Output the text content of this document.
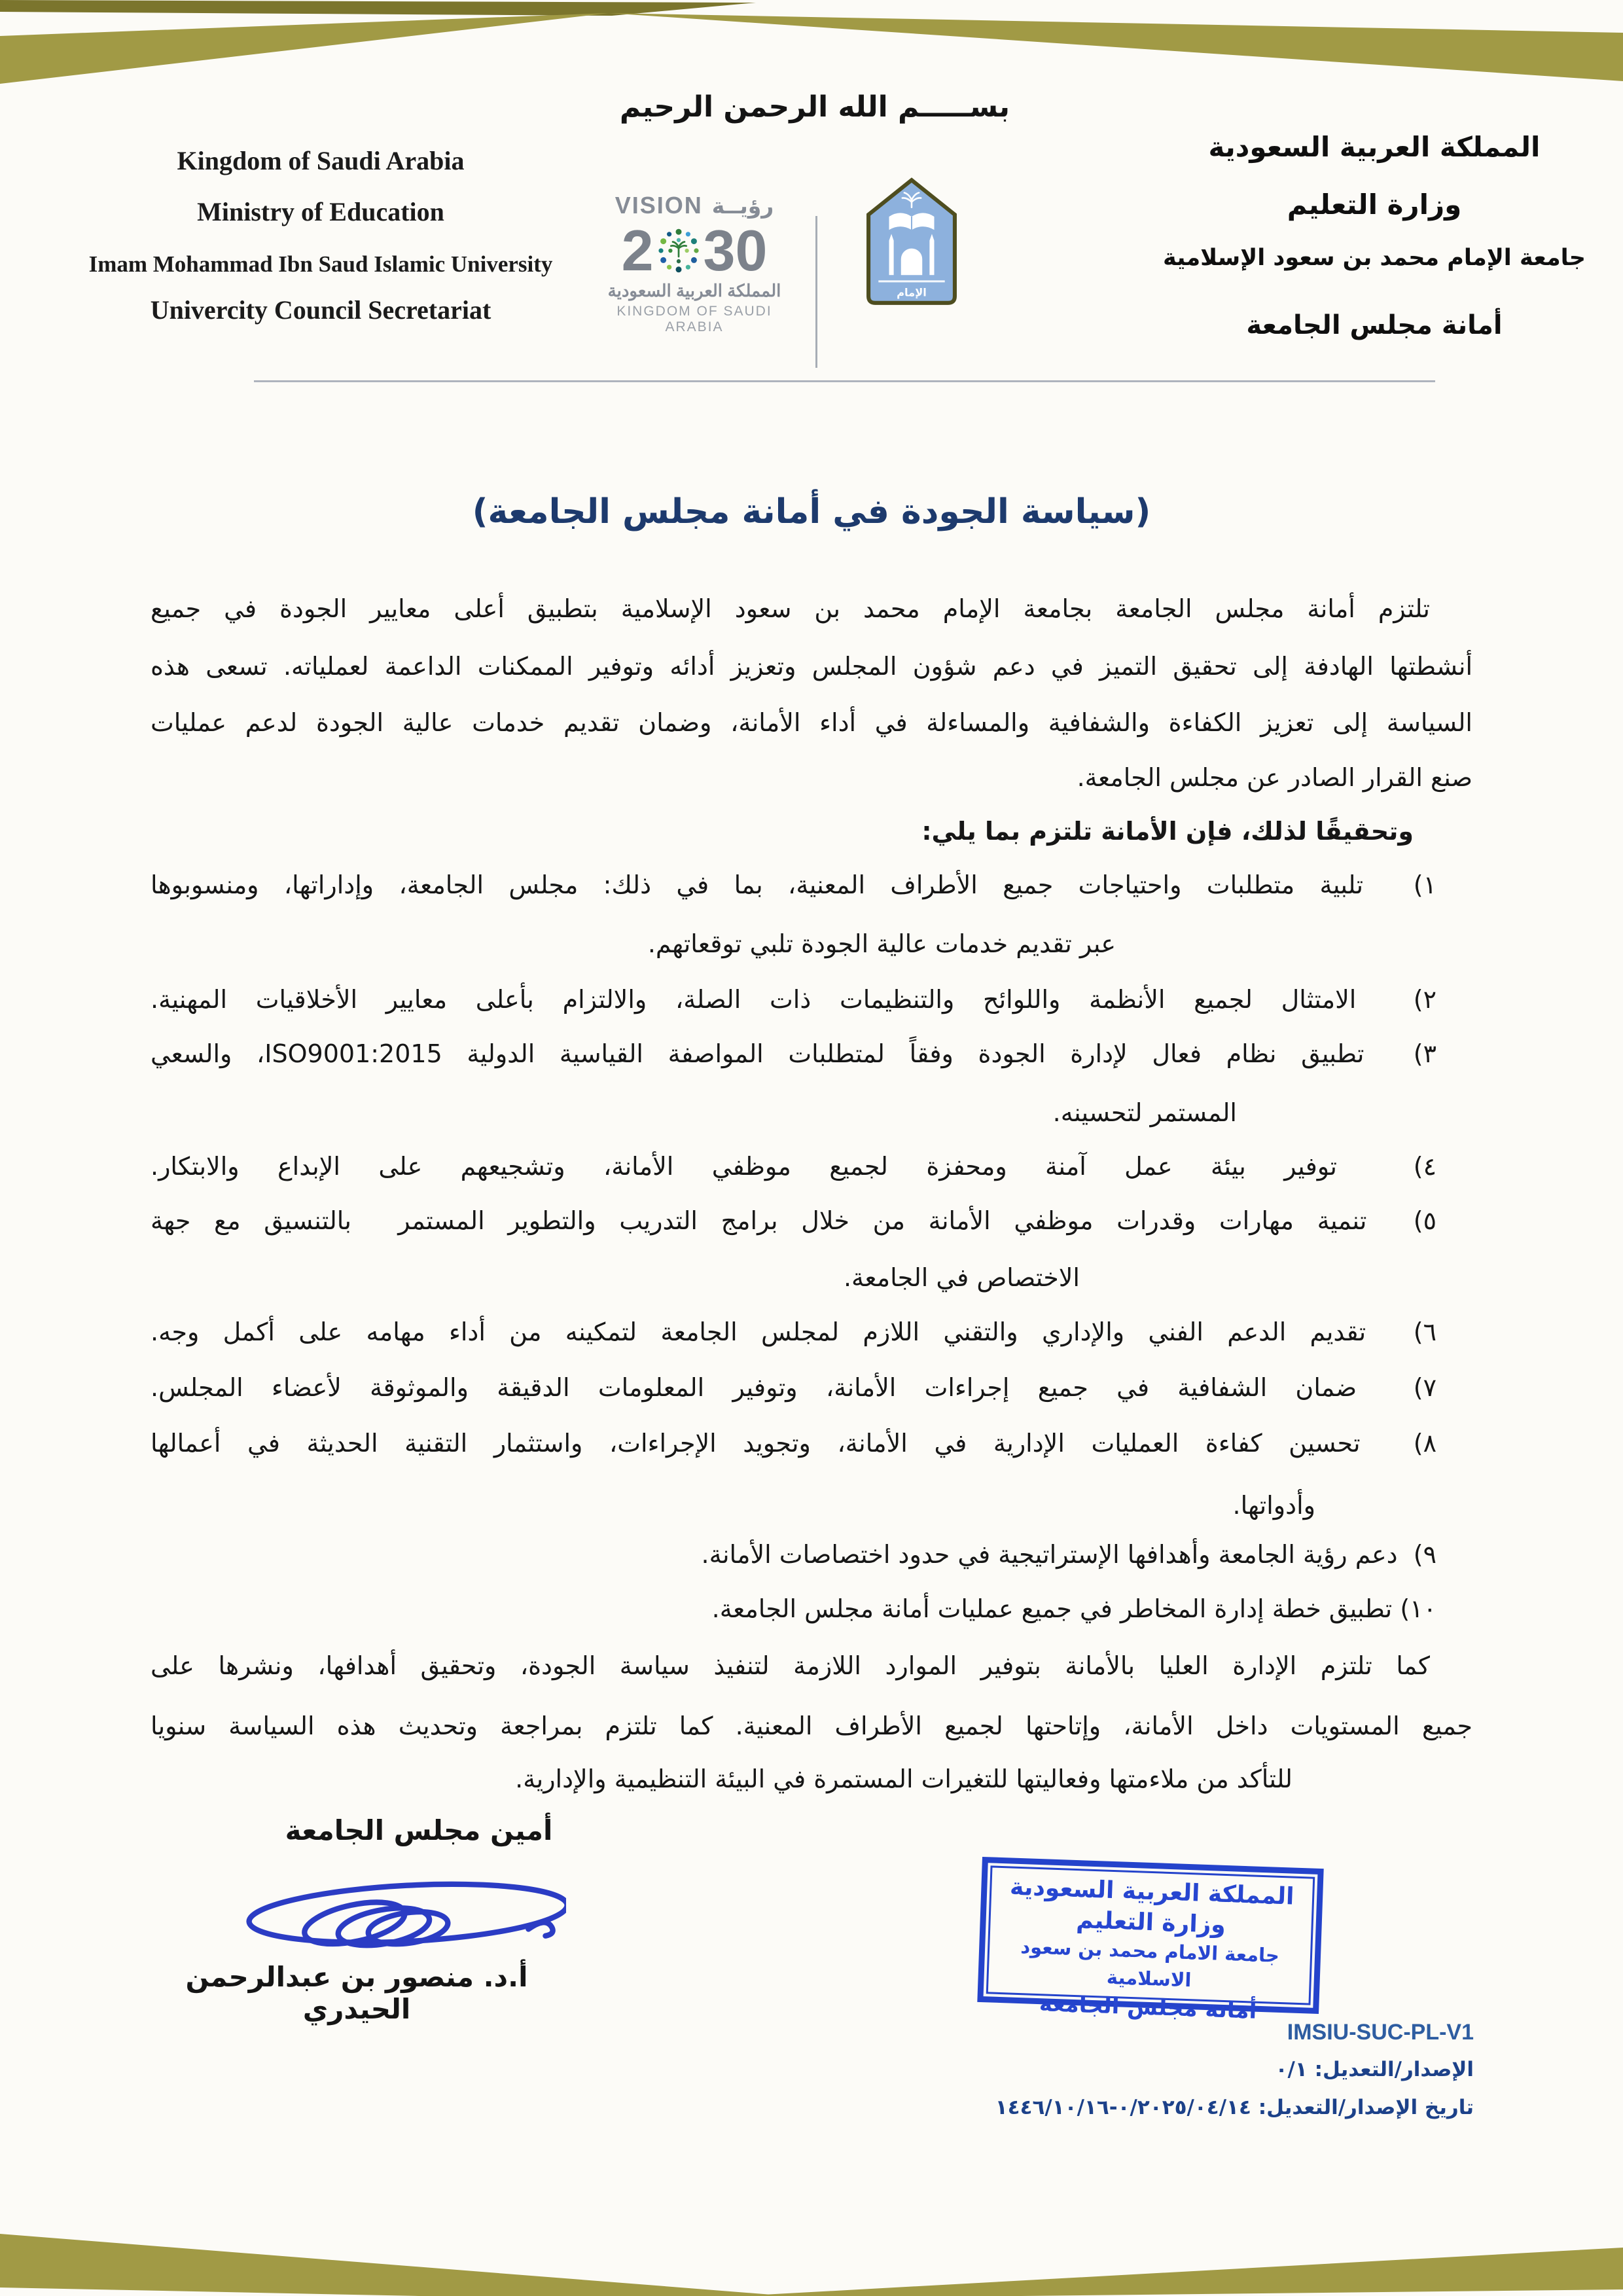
Kingdom of Saudi Arabia
Ministry of Education
Imam Mohammad Ibn Saud Islamic University
Univercity Council Secretariat
بســـــم الله الرحمن الرحيم
VISION رؤيــة
2 30
المملكة العربية السعودية
KINGDOM OF SAUDI ARABIA
الإمام
المملكة العربية السعودية
وزارة التعليم
جامعة الإمام محمد بن سعود الإسلامية
أمانة مجلس الجامعة
(سياسة الجودة في أمانة مجلس الجامعة)
تلتزم أمانة مجلس الجامعة بجامعة الإمام محمد بن سعود الإسلامية بتطبيق أعلى معايير الجودة في جميع
أنشطتها الهادفة إلى تحقيق التميز في دعم شؤون المجلس وتعزيز أدائه وتوفير الممكنات الداعمة لعملياته. تسعى هذه
السياسة إلى تعزيز الكفاءة والشفافية والمساءلة في أداء الأمانة، وضمان تقديم خدمات عالية الجودة لدعم عمليات
صنع القرار الصادر عن مجلس الجامعة.
وتحقيقًا لذلك، فإن الأمانة تلتزم بما يلي:
١)  تلبية متطلبات واحتياجات جميع الأطراف المعنية، بما في ذلك: مجلس الجامعة، وإداراتها، ومنسوبوها
عبر تقديم خدمات عالية الجودة تلبي توقعاتهم.
٢)  الامتثال لجميع الأنظمة واللوائح والتنظيمات ذات الصلة، والالتزام بأعلى معايير الأخلاقيات المهنية.
٣)  تطبيق نظام فعال لإدارة الجودة وفقاً لمتطلبات المواصفة القياسية الدولية ISO9001:2015، والسعي
المستمر لتحسينه.
٤)  توفير بيئة عمل آمنة ومحفزة لجميع موظفي الأمانة، وتشجيعهم على الإبداع والابتكار.
٥)  تنمية مهارات وقدرات موظفي الأمانة من خلال برامج التدريب والتطوير المستمر  بالتنسيق مع جهة
الاختصاص في الجامعة.
٦)  تقديم الدعم الفني والإداري والتقني اللازم لمجلس الجامعة لتمكينه من أداء مهامه على أكمل وجه.
٧)  ضمان الشفافية في جميع إجراءات الأمانة، وتوفير المعلومات الدقيقة والموثوقة لأعضاء المجلس.
٨)  تحسين كفاءة العمليات الإدارية في الأمانة، وتجويد الإجراءات، واستثمار التقنية الحديثة في أعمالها
وأدواتها.
٩)  دعم رؤية الجامعة وأهدافها الإستراتيجية في حدود اختصاصات الأمانة.
١٠) تطبيق خطة إدارة المخاطر في جميع عمليات أمانة مجلس الجامعة.
كما تلتزم الإدارة العليا بالأمانة بتوفير الموارد اللازمة لتنفيذ سياسة الجودة، وتحقيق أهدافها، ونشرها على
جميع المستويات داخل الأمانة، وإتاحتها لجميع الأطراف المعنية. كما تلتزم بمراجعة وتحديث هذه السياسة سنويا
للتأكد من ملاءمتها وفعاليتها للتغيرات المستمرة في البيئة التنظيمية والإدارية.
أمين مجلس الجامعة
أ.د. منصور بن عبدالرحمن الحيدري
المملكة العربية السعودية
وزارة التعليم
جامعة الامام محمد بن سعود الاسلامية
أمانة مجلس الجامعة
IMSIU-SUC-PL-V1
الإصدار/التعديل: ٠/١
تاريخ الإصدار/التعديل: ٠/٢٠٢٥/٠٤/١٤-١٤٤٦/١٠/١٦
